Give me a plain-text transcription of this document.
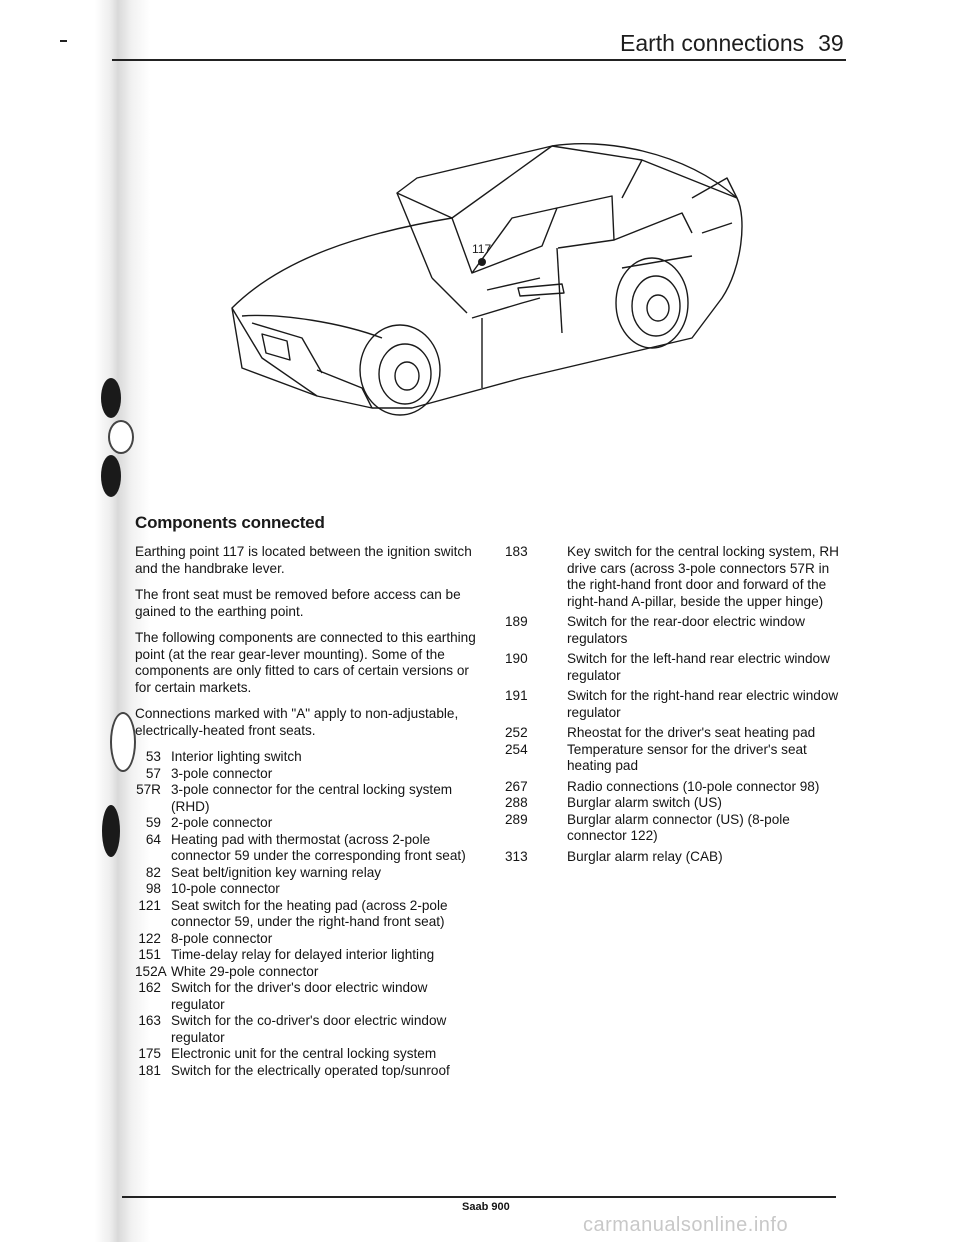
Earth connections 39
117
Components connected

Earthing point 117 is located between the ignition switch and the handbrake lever.

The front seat must be removed before access can be gained to the earthing point.

The following components are connected to this earthing point (at the rear gear-lever mounting). Some of the components are only fitted to cars of certain versions or for certain markets.

Connections marked with "A" apply to non-adjustable, electrically-heated front seats.

53 Interior lighting switch
57 3-pole connector
57R 3-pole connector for the central locking system (RHD)
59 2-pole connector
64 Heating pad with thermostat (across 2-pole connector 59 under the corresponding front seat)
82 Seat belt/ignition key warning relay
98 10-pole connector
121 Seat switch for the heating pad (across 2-pole connector 59, under the right-hand front seat)
122 8-pole connector
151 Time-delay relay for delayed interior lighting
152A White 29-pole connector
162 Switch for the driver's door electric window regulator
163 Switch for the co-driver's door electric window regulator
175 Electronic unit for the central locking system
181 Switch for the electrically operated top/sunroof
183	Key switch for the central locking system, RH drive cars (across 3-pole connectors 57R in the right-hand front door and forward of the right-hand A-pillar, beside the upper hinge)
189	Switch for the rear-door electric window regulators
190	Switch for the left-hand rear electric window regulator
191	Switch for the right-hand rear electric window regulator
252	Rheostat for the driver's seat heating pad
254	Temperature sensor for the driver's seat heating pad
267	Radio connections (10-pole connector 98)
288	Burglar alarm switch (US)
289	Burglar alarm connector (US) (8-pole connector 122)
313	Burglar alarm relay (CAB)
Saab 900
carmanualsonline.info
